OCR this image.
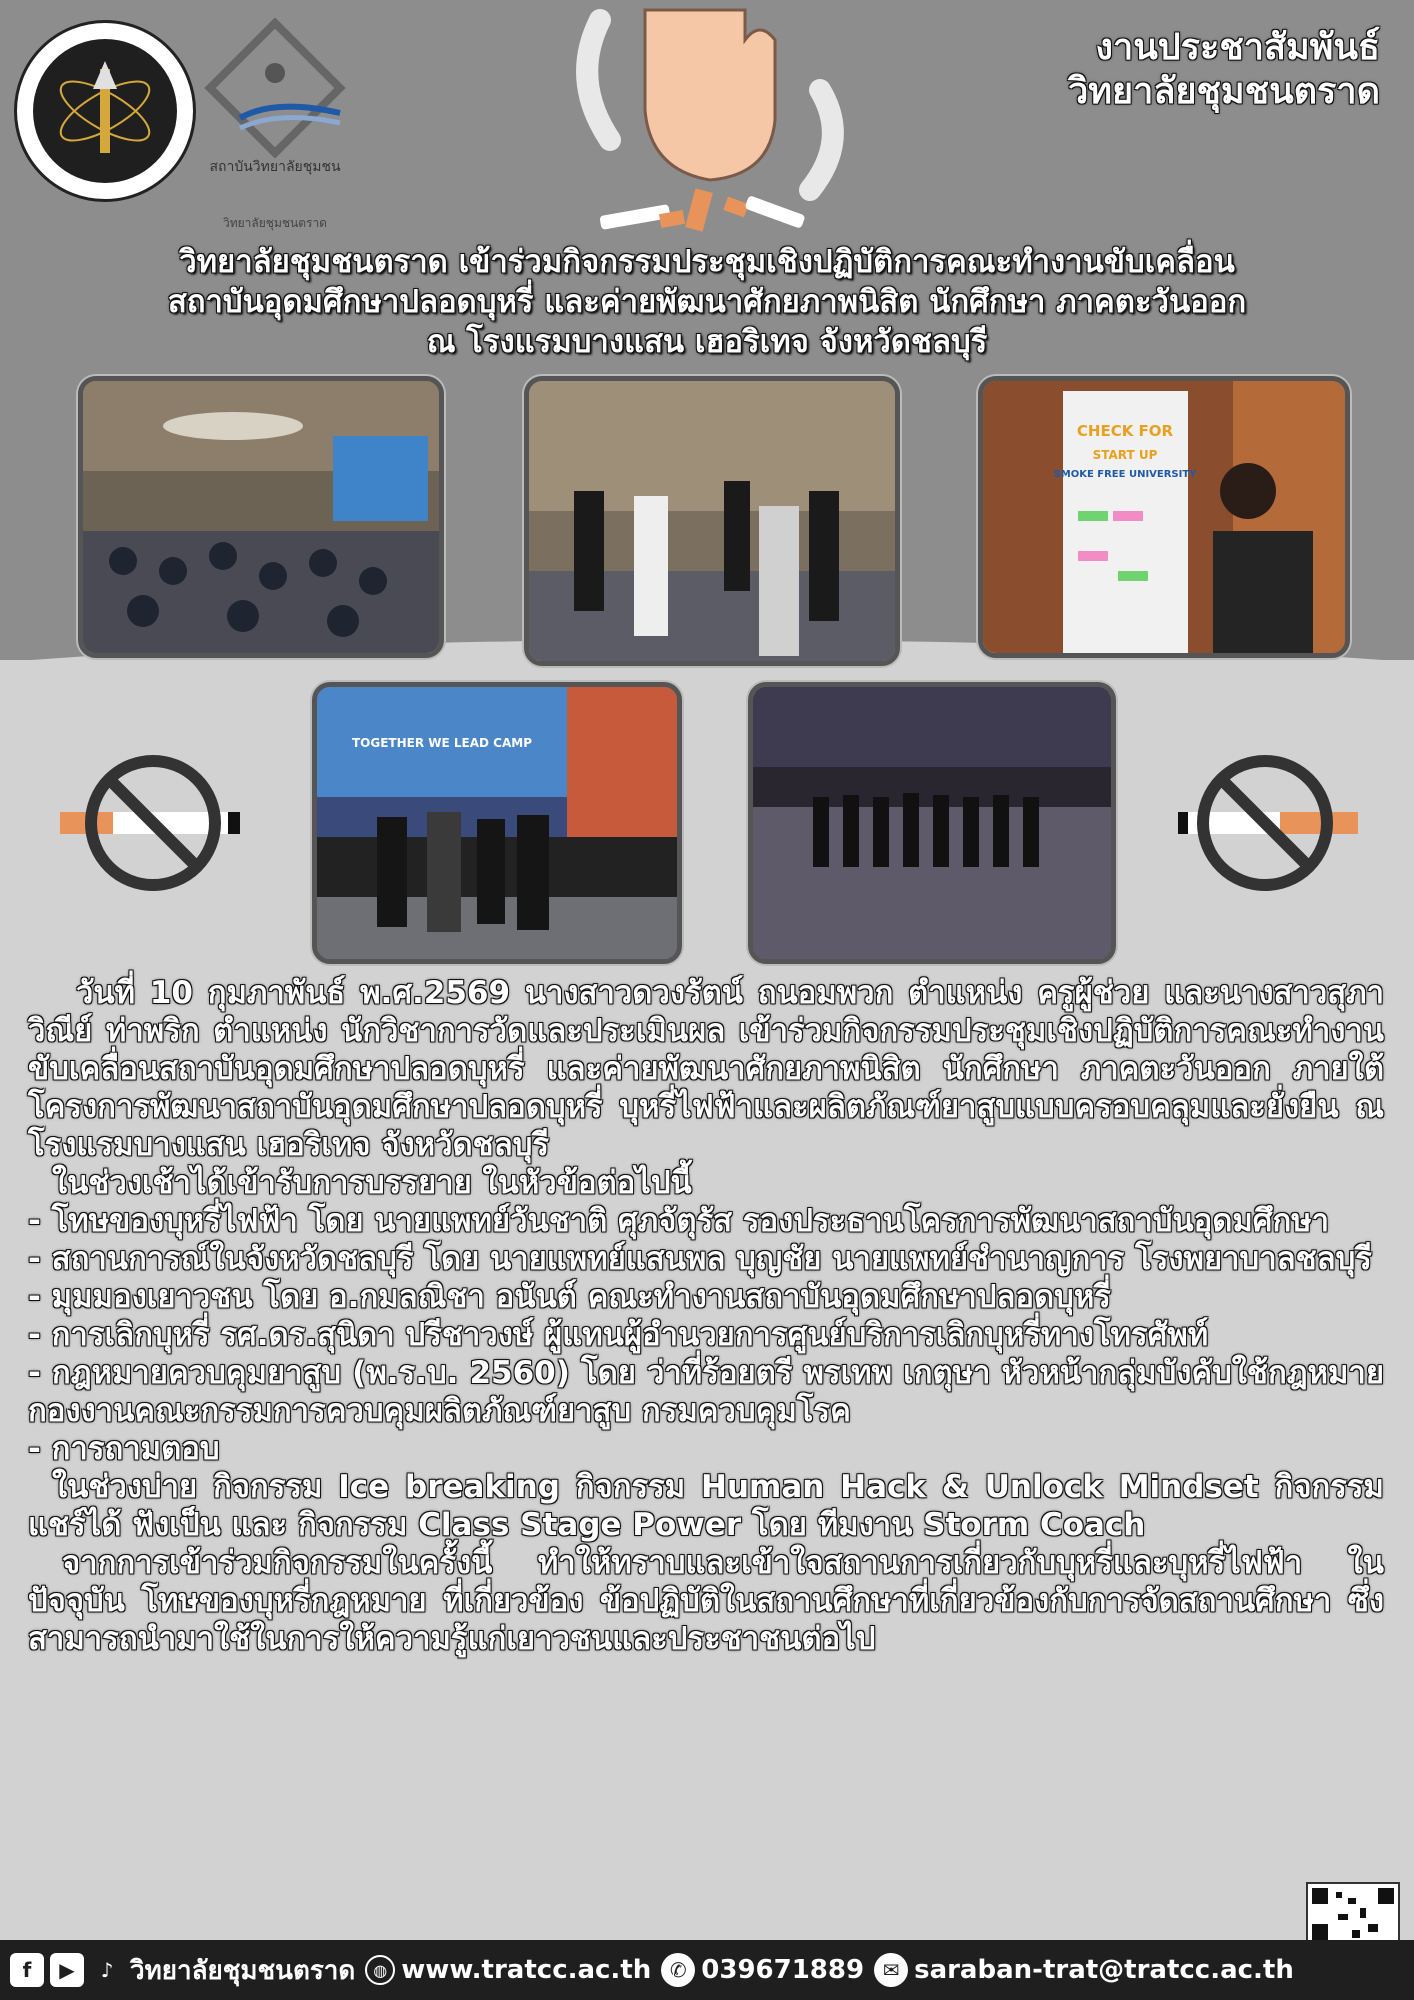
สถาบันวิทยาลัยชุมชน
วิทยาลัยชุมชนตราด
งานประชาสัมพันธ์
วิทยาลัยชุมชนตราด
วิทยาลัยชุมชนตราด เข้าร่วมกิจกรรมประชุมเชิงปฏิบัติการคณะทำงานขับเคลื่อน
สถาบันอุดมศึกษาปลอดบุหรี่ และค่ายพัฒนาศักยภาพนิสิต นักศึกษา ภาคตะวันออก
ณ โรงแรมบางแสน เฮอริเทจ จังหวัดชลบุรี
CHECK FOR
START UP
SMOKE FREE UNIVERSITY
TOGETHER WE LEAD CAMP

วันที่ 10 กุมภาพันธ์ พ.ศ.2569 นางสาวดวงรัตน์ ถนอมพวก ตำแหน่ง ครูผู้ช่วย และนางสาวสุภาวิณีย์ ท่าพริก ตำแหน่ง นักวิชาการวัดและประเมินผล เข้าร่วมกิจกรรมประชุมเชิงปฏิบัติการคณะทำงานขับเคลื่อนสถาบันอุดมศึกษาปลอดบุหรี่ และค่ายพัฒนาศักยภาพนิสิต นักศึกษา ภาคตะวันออก ภายใต้โครงการพัฒนาสถาบันอุดมศึกษาปลอดบุหรี่ บุหรี่ไฟฟ้าและผลิตภัณฑ์ยาสูบแบบครอบคลุมและยั่งยืน ณ โรงแรมบางแสน เฮอริเทจ จังหวัดชลบุรี

ในช่วงเช้าได้เข้ารับการบรรยาย ในหัวข้อต่อไปนี้

- โทษของบุหรี่ไฟฟ้า โดย นายแพทย์วันชาติ ศุภจัตุรัส รองประธานโครการพัฒนาสถาบันอุดมศึกษา

- สถานการณ์ในจังหวัดชลบุรี โดย นายแพทย์แสนพล บุญชัย นายแพทย์ชำนาญการ โรงพยาบาลชลบุรี

- มุมมองเยาวชน โดย อ.กมลณิชา อนันต์ คณะทำงานสถาบันอุดมศึกษาปลอดบุหรี่

- การเลิกบุหรี่ รศ.ดร.สุนิดา ปรีชาวงษ์ ผู้แทนผู้อำนวยการศูนย์บริการเลิกบุหรี่ทางโทรศัพท์

- กฎหมายควบคุมยาสูบ (พ.ร.บ. 2560) โดย ว่าที่ร้อยตรี พรเทพ เกตุษา หัวหน้ากลุ่มบังคับใช้กฎหมายกองงานคณะกรรมการควบคุมผลิตภัณฑ์ยาสูบ กรมควบคุมโรค

- การถามตอบ

ในช่วงบ่าย กิจกรรม Ice breaking กิจกรรม Human Hack & Unlock Mindset กิจกรรม แชร์ได้ ฟังเป็น และ กิจกรรม Class Stage Power โดย ทีมงาน Storm Coach

จากการเข้าร่วมกิจกรรมในครั้งนี้ ทำให้ทราบและเข้าใจสถานการเกี่ยวกับบุหรี่และบุหรี่ไฟฟ้า ในปัจจุบัน โทษของบุหรี่กฎหมาย ที่เกี่ยวข้อง ข้อปฏิบัติในสถานศึกษาที่เกี่ยวข้องกับการจัดสถานศึกษา ซึ่งสามารถนำมาใช้ในการให้ความรู้แก่เยาวชนและประชาชนต่อไป

f	▶	♪ วิทยาลัยชุมชนตราด	◍ www.tratcc.ac.th ✆ 039671889 ✉ saraban-trat@tratcc.ac.th
